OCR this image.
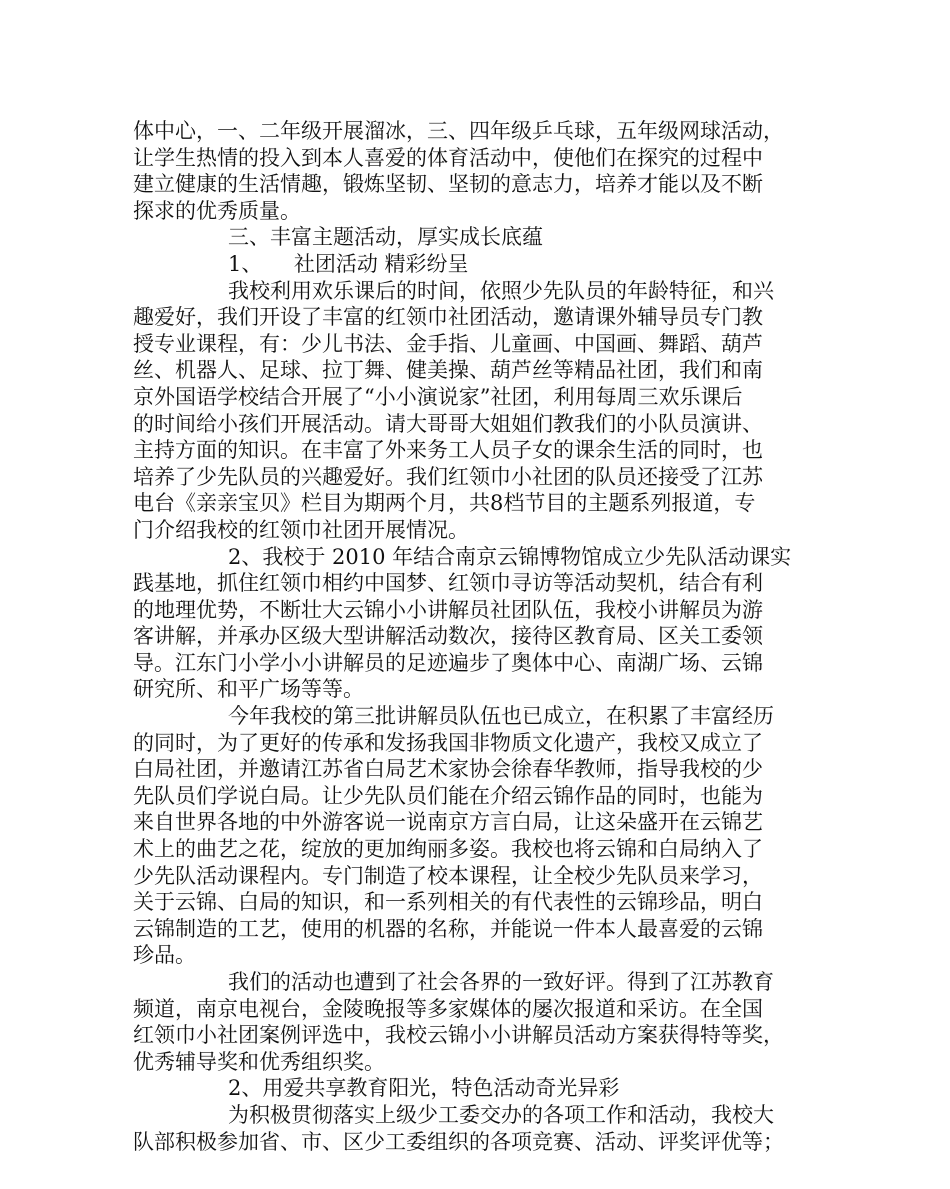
体中心，一、二年级开展溜冰，三、四年级乒乓球，五年级网球活动，
让学生热情的投入到本人喜爱的体育活动中，使他们在探究的过程中
建立健康的生活情趣，锻炼坚韧、坚韧的意志力，培养才能以及不断
探求的优秀质量。
三、丰富主题活动，厚实成长底蕴
1、　　社团活动 精彩纷呈
我校利用欢乐课后的时间，依照少先队员的年龄特征，和兴
趣爱好，我们开设了丰富的红领巾社团活动，邀请课外辅导员专门教
授专业课程，有：少儿书法、金手指、儿童画、中国画、舞蹈、葫芦
丝、机器人、足球、拉丁舞、健美操、葫芦丝等精品社团，我们和南
京外国语学校结合开展了“小小演说家”社团，利用每周三欢乐课后
的时间给小孩们开展活动。请大哥哥大姐姐们教我们的小队员演讲、
主持方面的知识。在丰富了外来务工人员子女的课余生活的同时，也
培养了少先队员的兴趣爱好。我们红领巾小社团的队员还接受了江苏
电台《亲亲宝贝》栏目为期两个月，共8档节目的主题系列报道，专
门介绍我校的红领巾社团开展情况。
2、我校于 2010 年结合南京云锦博物馆成立少先队活动课实
践基地，抓住红领巾相约中国梦、红领巾寻访等活动契机，结合有利
的地理优势，不断壮大云锦小小讲解员社团队伍，我校小讲解员为游
客讲解，并承办区级大型讲解活动数次，接待区教育局、区关工委领
导。江东门小学小小讲解员的足迹遍步了奥体中心、南湖广场、云锦
研究所、和平广场等等。
今年我校的第三批讲解员队伍也已成立，在积累了丰富经历
的同时，为了更好的传承和发扬我国非物质文化遗产，我校又成立了
白局社团，并邀请江苏省白局艺术家协会徐春华教师，指导我校的少
先队员们学说白局。让少先队员们能在介绍云锦作品的同时，也能为
来自世界各地的中外游客说一说南京方言白局，让这朵盛开在云锦艺
术上的曲艺之花，绽放的更加绚丽多姿。我校也将云锦和白局纳入了
少先队活动课程内。专门制造了校本课程，让全校少先队员来学习，
关于云锦、白局的知识，和一系列相关的有代表性的云锦珍品，明白
云锦制造的工艺，使用的机器的名称，并能说一件本人最喜爱的云锦
珍品。
我们的活动也遭到了社会各界的一致好评。得到了江苏教育
频道，南京电视台，金陵晚报等多家媒体的屡次报道和采访。在全国
红领巾小社团案例评选中，我校云锦小小讲解员活动方案获得特等奖，
优秀辅导奖和优秀组织奖。
2、用爱共享教育阳光，特色活动奇光异彩
为积极贯彻落实上级少工委交办的各项工作和活动，我校大
队部积极参加省、市、区少工委组织的各项竞赛、活动、评奖评优等；
